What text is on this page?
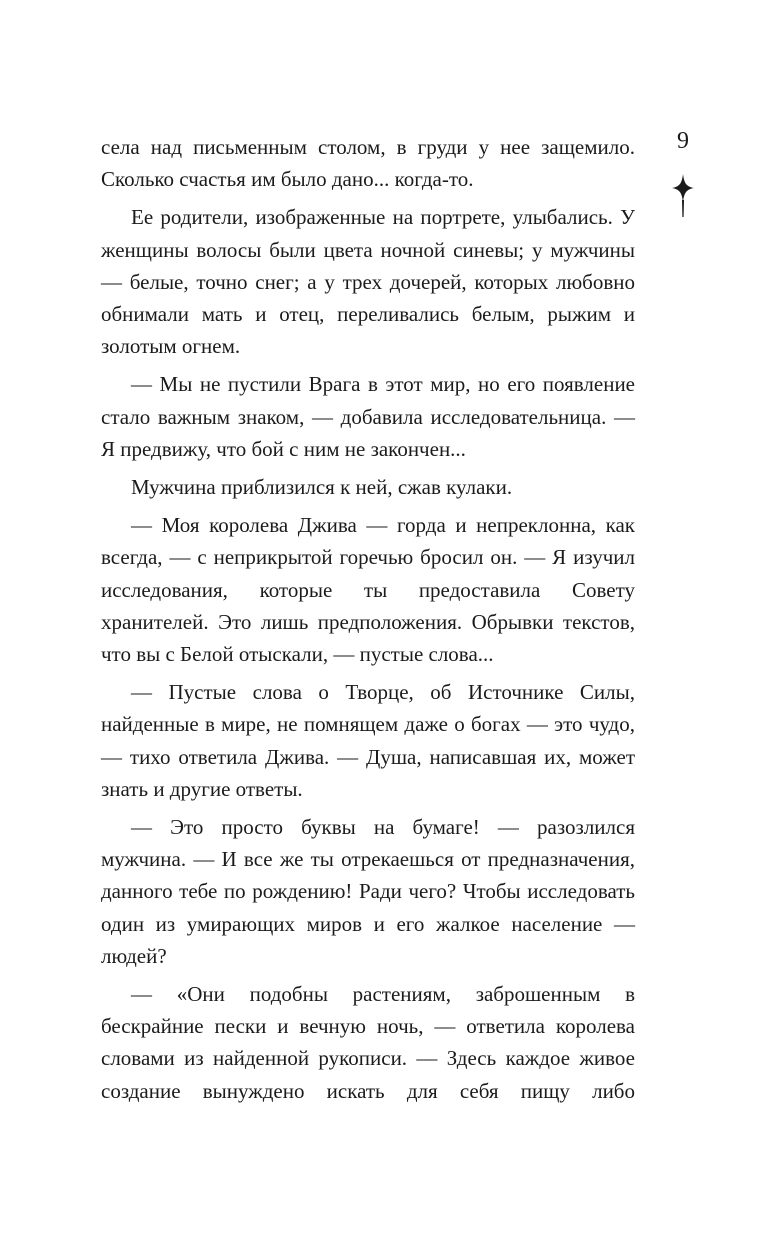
9

села над письменным столом, в груди у нее защемило. Сколько счастья им было дано... когда-то.

Ее родители, изображенные на портрете, улыбались. У женщины волосы были цвета ночной синевы; у мужчины — белые, точно снег; а у трех дочерей, которых любовно обнимали мать и отец, переливались белым, рыжим и золотым огнем.

— Мы не пустили Врага в этот мир, но его появление стало важным знаком, — добавила исследовательница. — Я предвижу, что бой с ним не закончен...

Мужчина приблизился к ней, сжав кулаки.

— Моя королева Джива — горда и непреклонна, как всегда, — с неприкрытой горечью бросил он. — Я изучил исследования, которые ты предоставила Совету хранителей. Это лишь предположения. Обрывки текстов, что вы с Белой отыскали, — пустые слова...

— Пустые слова о Творце, об Источнике Силы, найденные в мире, не помнящем даже о богах — это чудо, — тихо ответила Джива. — Душа, написавшая их, может знать и другие ответы.

— Это просто буквы на бумаге! — разозлился мужчина. — И все же ты отрекаешься от предназначения, данного тебе по рождению! Ради чего? Чтобы исследовать один из умирающих миров и его жалкое население — людей?

— «Они подобны растениям, заброшенным в бескрайние пески и вечную ночь, — ответила королева словами из найденной рукописи. — Здесь каждое живое создание вынуждено искать для себя пищу либо
